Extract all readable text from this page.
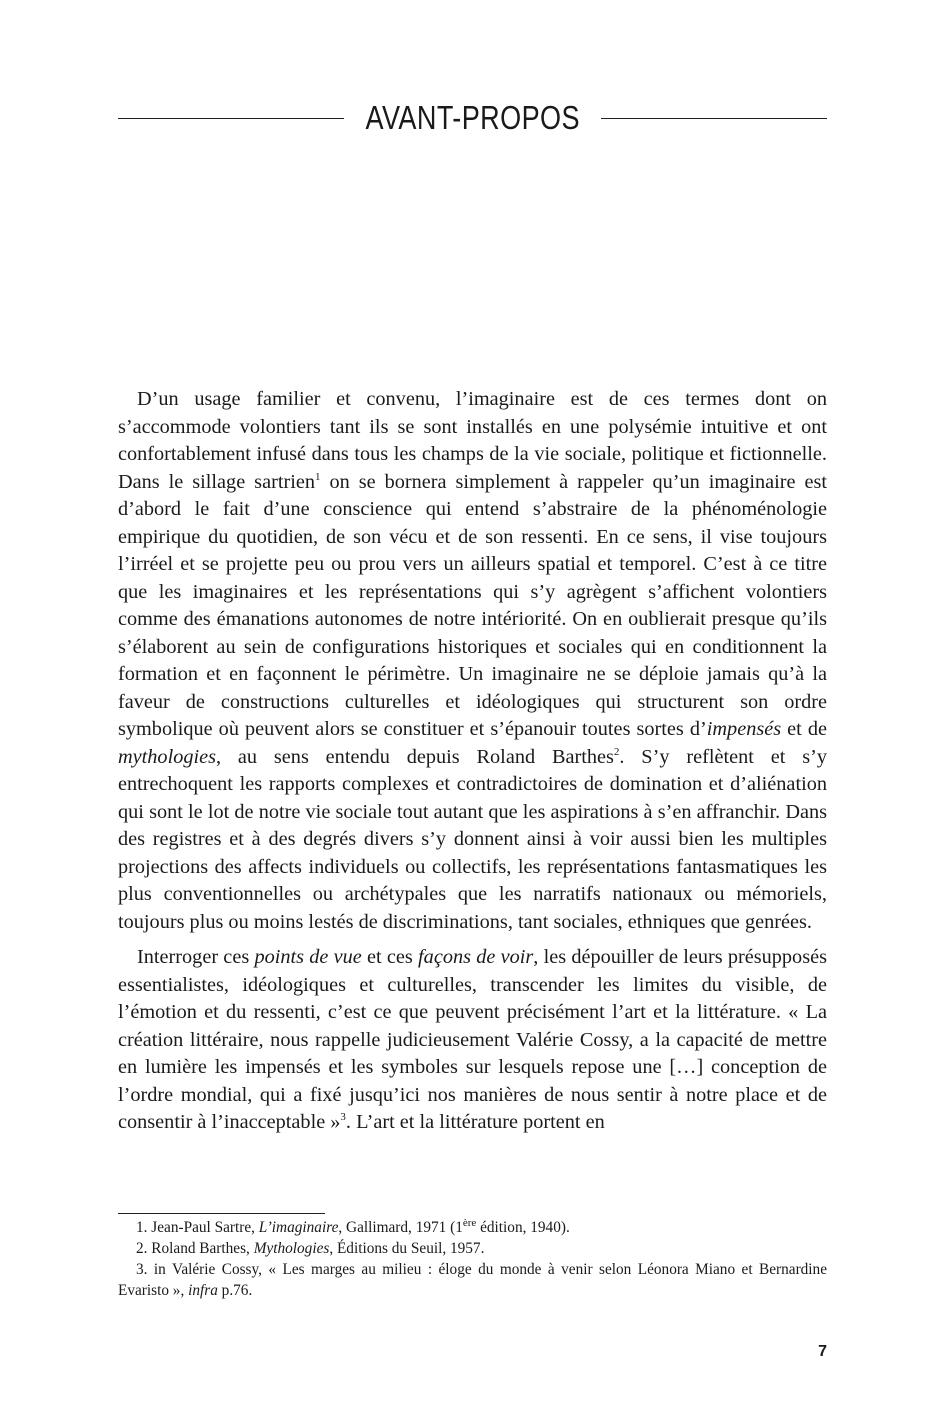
AVANT-PROPOS

D’un usage familier et convenu, l’imaginaire est de ces termes dont on s’accommode volontiers tant ils se sont installés en une polysémie intuitive et ont confortablement infusé dans tous les champs de la vie sociale, politique et fictionnelle. Dans le sillage sartrien$^1$ on se bornera simplement à rappeler qu’un imaginaire est d’abord le fait d’une conscience qui entend s’abstraire de la phénoménologie empirique du quotidien, de son vécu et de son ressenti. En ce sens, il vise toujours l’irréel et se projette peu ou prou vers un ailleurs spatial et temporel. C’est à ce titre que les imaginaires et les représentations qui s’y agrègent s’affichent volontiers comme des émanations autonomes de notre intériorité. On en oublierait presque qu’ils s’élaborent au sein de configurations historiques et sociales qui en conditionnent la formation et en façonnent le périmètre. Un imaginaire ne se déploie jamais qu’à la faveur de constructions culturelles et idéologiques qui structurent son ordre symbolique où peuvent alors se constituer et s’épanouir toutes sortes d’impensés et de mythologies, au sens entendu depuis Roland Barthes$^2$. S’y reflètent et s’y entrechoquent les rapports complexes et contradictoires de domination et d’aliénation qui sont le lot de notre vie sociale tout autant que les aspirations à s’en affranchir. Dans des registres et à des degrés divers s’y donnent ainsi à voir aussi bien les multiples projections des affects individuels ou collectifs, les représentations fantasmatiques les plus conventionnelles ou archétypales que les narratifs nationaux ou mémoriels, toujours plus ou moins lestés de discriminations, tant sociales, ethniques que genrées.

Interroger ces points de vue et ces façons de voir, les dépouiller de leurs présupposés essentialistes, idéologiques et culturelles, transcender les limites du visible, de l’émotion et du ressenti, c’est ce que peuvent précisément l’art et la littérature. « La création littéraire, nous rappelle judicieusement Valérie Cossy, a la capacité de mettre en lumière les impensés et les symboles sur lesquels repose une […] conception de l’ordre mondial, qui a fixé jusqu’ici nos manières de nous sentir à notre place et de consentir à l’inacceptable »$^3$. L’art et la littérature portent en

1. Jean-Paul Sartre, L’imaginaire, Gallimard, 1971 (1ère édition, 1940).
2. Roland Barthes, Mythologies, Éditions du Seuil, 1957.
3. in Valérie Cossy, « Les marges au milieu : éloge du monde à venir selon Léonora Miano et Bernardine Evaristo », infra p.76.
7
